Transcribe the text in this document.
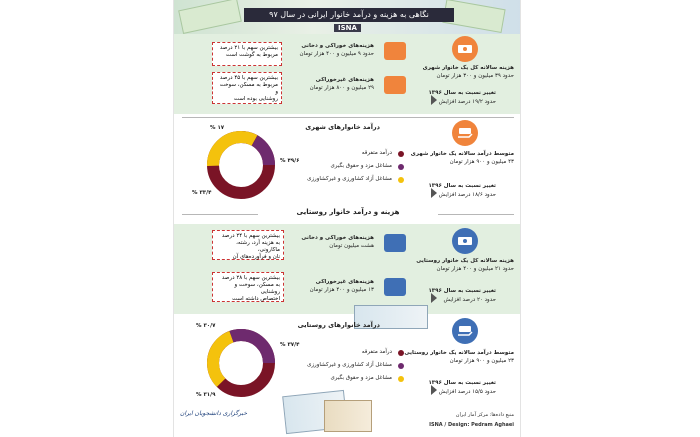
نگاهی به هزینه و درآمد خانوار ایرانی در سال ۹۷
ISNA
هزینه سالانه کل یک خانوار شهری
حدود ۳۹ میلیون و ۳۰۰ هزار تومان
تغییر نسبت به سال ۱۳۹۶
حدود ۱۹/۲ درصد افزایش
هزینه‌های خوراکی و دخانی
حدود ۹ میلیون و ۴۰۰ هزار تومان
بیشترین سهم با ۲۱ درصد
مربوط به گوشت است
هزینه‌های غیرخوراکی
۲۹ میلیون و ۸۰۰ هزار تومان
بیشترین سهم با ۴۵ درصد
مربوط به مسکن، سوخت و
روشنایی بوده است
متوسط درآمد سالانه یک خانوار شهری
۴۳ میلیون و ۹۰۰ هزار تومان
تغییر نسبت به سال ۱۳۹۶
حدود ۱۸/۶ درصد افزایش
درآمد خانوارهای شهری
۱۷ %
۴۹/۶ %
۳۳/۴ %
درآمد متفرقه
مشاغل مزد و حقوق بگیری
مشاغل آزاد کشاورزی و غیرکشاورزی
هزینه و درآمد خانوار روستایی
هزینه سالانه کل یک خانوار روستایی
حدود ۲۱ میلیون و ۴۰۰ هزار تومان
تغییر نسبت به سال ۱۳۹۶
حدود ۲۰ درصد افزایش
هزینه‌های خوراکی و دخانی
هشت میلیون تومان
بیشترین سهم با ۲۴ درصد
به هزینه آرد، رشته، ماکارونی،
نان و فرآورده‌های آن
هزینه‌های غیرخوراکی
۱۳ میلیون و ۴۰۰ هزار تومان
بیشترین سهم با ۲۸ درصد
به مسکن، سوخت و روشنایی
اختصاص داشته است
متوسط درآمد سالانه یک خانوار روستایی
۲۳ میلیون و ۹۰۰ هزار تومان
تغییر نسبت به سال ۱۳۹۶
حدود ۱۵/۵ درصد افزایش
درآمد خانوارهای روستایی
۳۰/۷ %
۳۷/۴ %
۳۱/۹ %
درآمد متفرقه
مشاغل آزاد کشاورزی و غیرکشاورزی
مشاغل مزد و حقوق بگیری
منبع داده‌ها: مرکز آمار ایران
ISNA / Design: Pedram Aghaei
خبرگزاری دانشجویان ایران
